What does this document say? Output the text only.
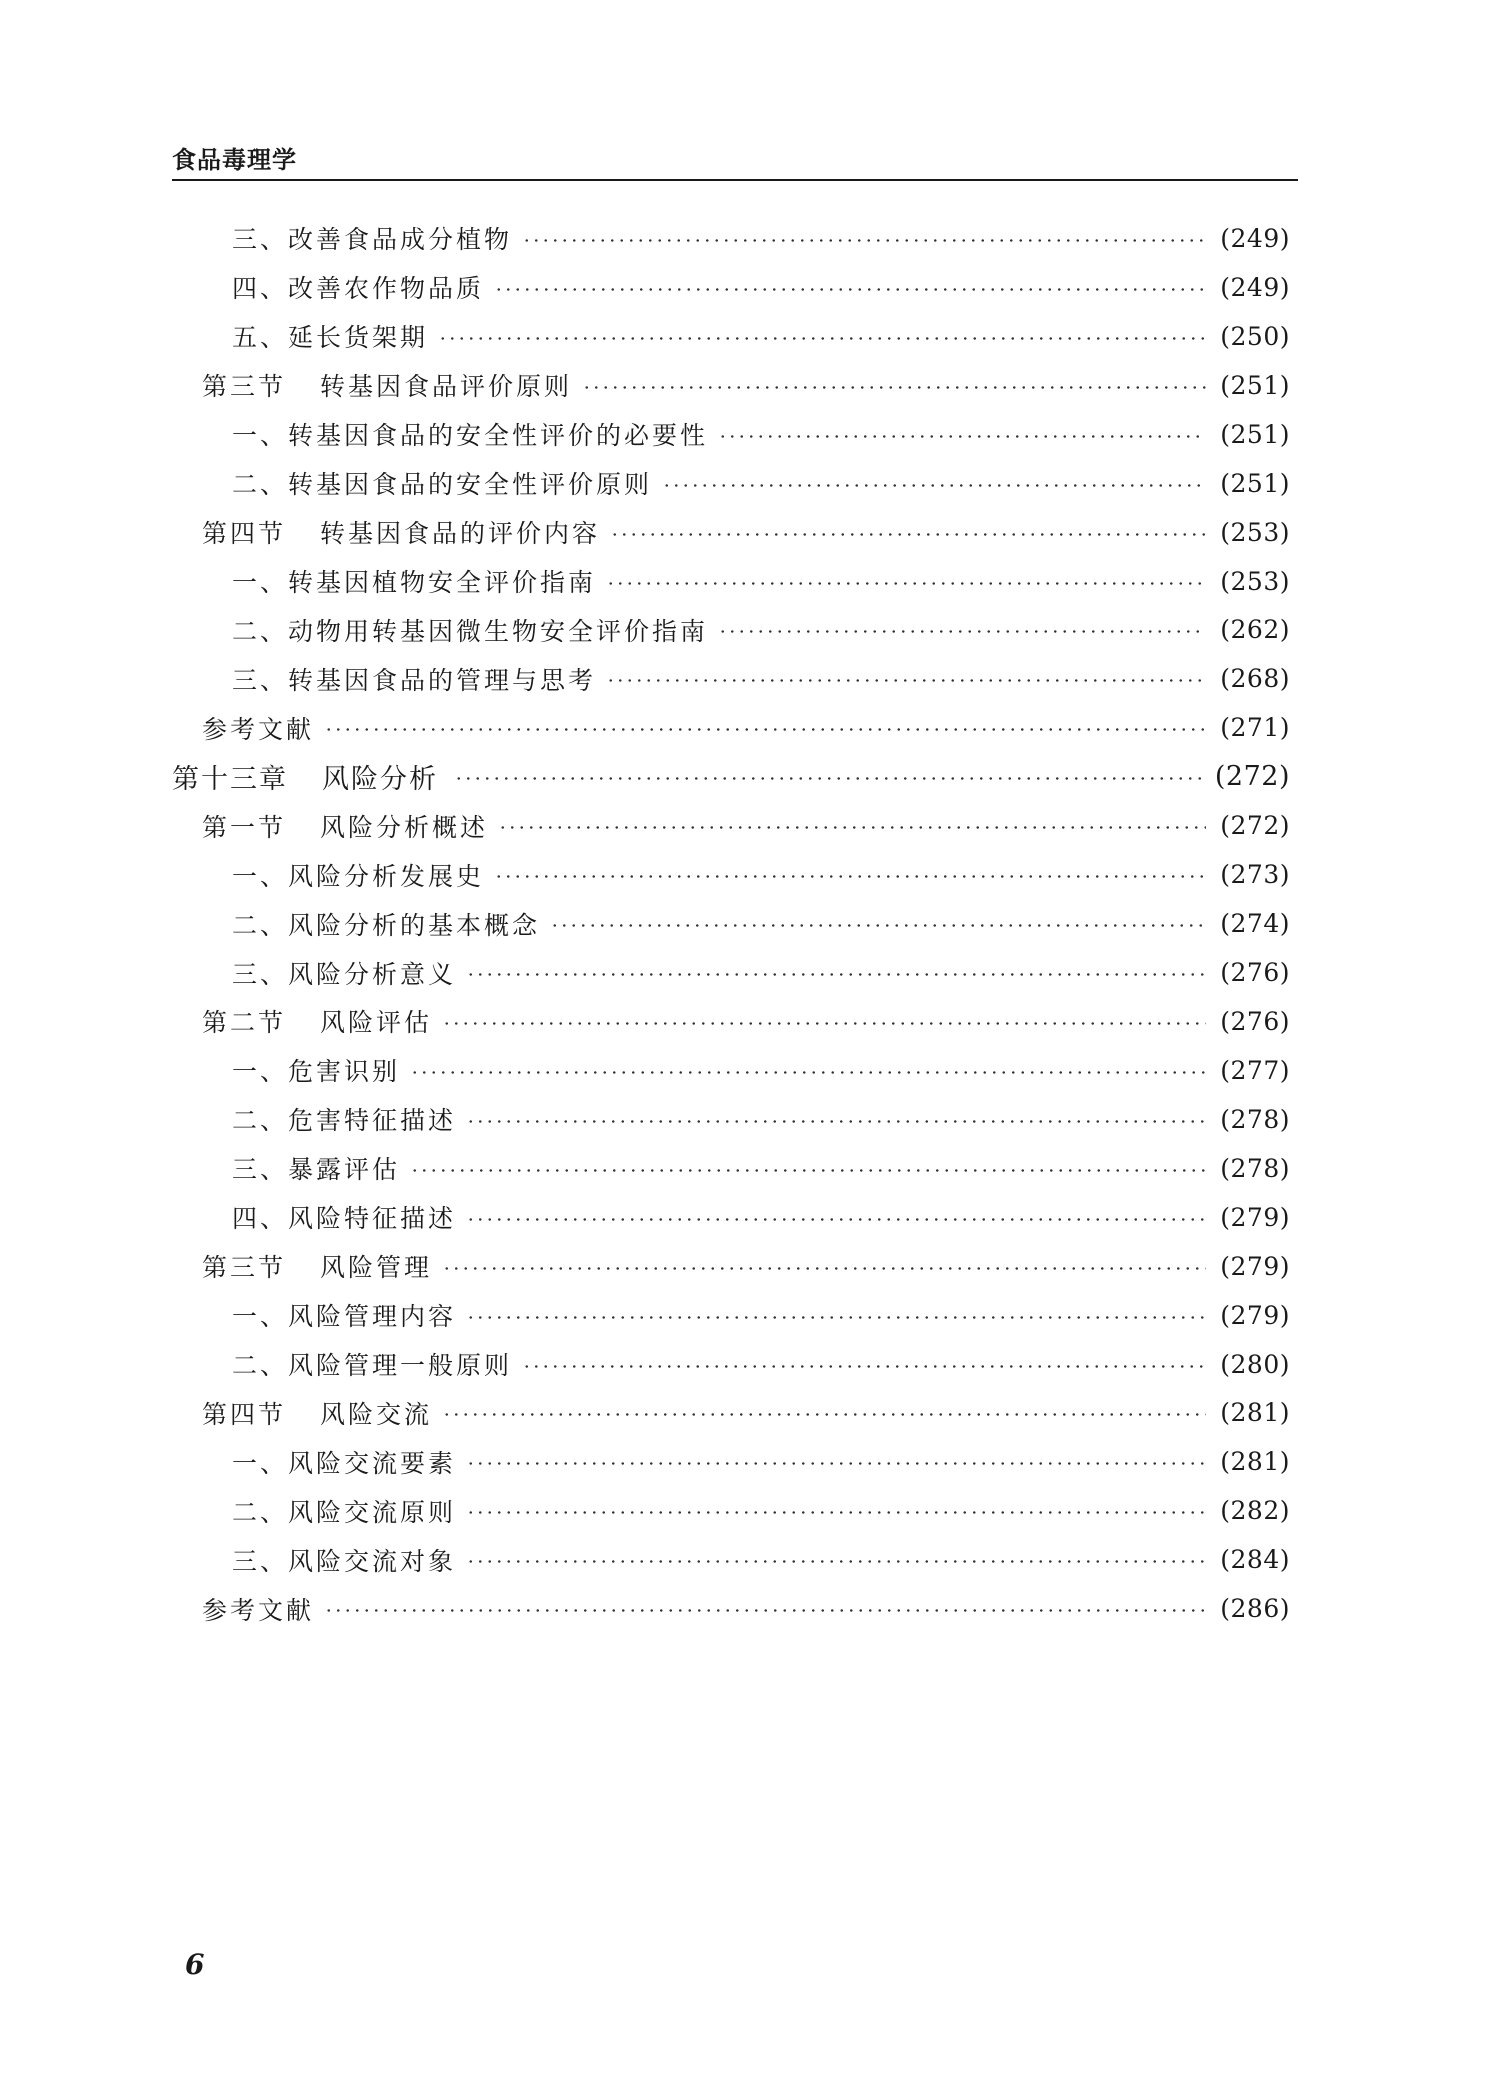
食品毒理学
三、改善食品成分植物	(249)
四、改善农作物品质	(249)
五、延长货架期	(250)
第三节 转基因食品评价原则	(251)
一、转基因食品的安全性评价的必要性	(251)
二、转基因食品的安全性评价原则	(251)
第四节 转基因食品的评价内容	(253)
一、转基因植物安全评价指南	(253)
二、动物用转基因微生物安全评价指南	(262)
三、转基因食品的管理与思考	(268)
参考文献	(271)
第十三章 风险分析	(272)
第一节 风险分析概述	(272)
一、风险分析发展史	(273)
二、风险分析的基本概念	(274)
三、风险分析意义	(276)
第二节 风险评估	(276)
一、危害识别	(277)
二、危害特征描述	(278)
三、暴露评估	(278)
四、风险特征描述	(279)
第三节 风险管理	(279)
一、风险管理内容	(279)
二、风险管理一般原则	(280)
第四节 风险交流	(281)
一、风险交流要素	(281)
二、风险交流原则	(282)
三、风险交流对象	(284)
参考文献	(286)
6
